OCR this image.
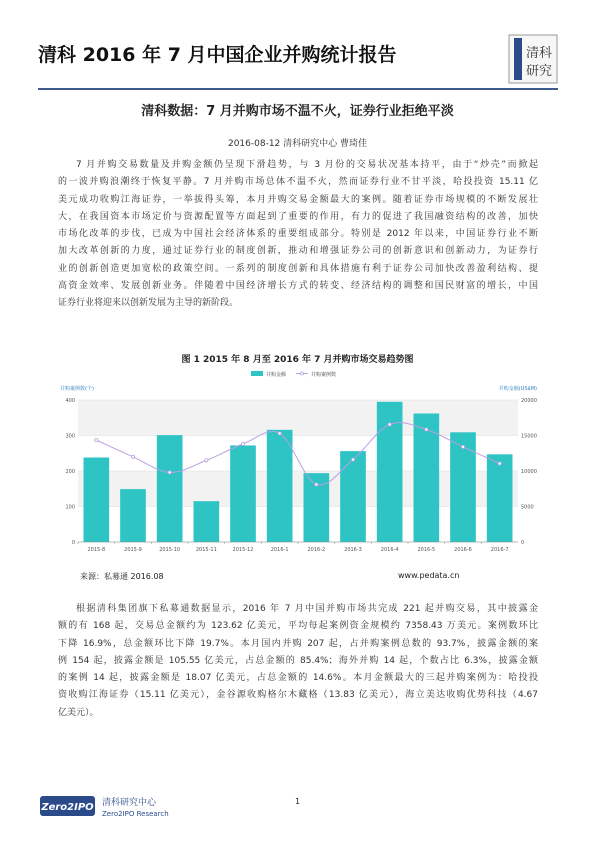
清科 2016 年 7 月中国企业并购统计报告	清科
研究
清科数据：7 月并购市场不温不火，证券行业拒绝平淡
2016-08-12 清科研究中心 曹琦佳
7 月并购交易数量及并购金额仍呈现下滑趋势，与 3 月份的交易状况基本持平，由于“炒壳”而掀起
的一波并购浪潮终于恢复平静。7 月并购市场总体不温不火，然而证券行业不甘平淡，哈投投资 15.11 亿
美元成功收购江海证券，一举拔得头筹，本月并购交易金额最大的案例。随着证券市场规模的不断发展壮
大，在我国资本市场定价与资源配置等方面起到了重要的作用，有力的促进了我国融资结构的改善，加快
市场化改革的步伐，已成为中国社会经济体系的重要组成部分。特别是 2012 年以来，中国证券行业不断
加大改革创新的力度，通过证券行业的制度创新，推动和增强证券公司的创新意识和创新动力，为证券行
业的创新创造更加宽松的政策空间。一系列的制度创新和具体措施有利于证券公司加快改善盈利结构、提
高资金效率、发展创新业务。伴随着中国经济增长方式的转变、经济结构的调整和国民财富的增长，中国
证券行业将迎来以创新发展为主导的新阶段。
图 1 2015 年 8 月至 2016 年 7 月并购市场交易趋势图
并购金额	并购案例数
并购案例数(个)	并购金额(US$M)
0
100
200
300
400
0
5000
10000
15000
20000
2015-8	2015-9	2015-10	2015-11	2015-12	2016-1	2016-2	2016-3	2016-4	2016-5	2016-6	2016-7
来源：私募通 2016.08	www.pedata.cn
根据清科集团旗下私募通数据显示，2016 年 7 月中国并购市场共完成 221 起并购交易，其中披露金
额的有 168 起，交易总金额约为 123.62 亿美元，平均每起案例资金规模约 7358.43 万美元。案例数环比
下降 16.9%，总金额环比下降 19.7%。本月国内并购 207 起，占并购案例总数的 93.7%，披露金额的案
例 154 起，披露金额是 105.55 亿美元，占总金额的 85.4%；海外并购 14 起，个数占比 6.3%，披露金额
的案例 14 起，披露金额是 18.07 亿美元，占总金额的 14.6%。本月金额最大的三起并购案例为：哈投投
资收购江海证券（15.11 亿美元），金谷源收购格尔木藏格（13.83 亿美元），海立美达收购优势科技（4.67
亿美元）。
Zero2IPO 清科研究中心
Zero2IPO Research
1
